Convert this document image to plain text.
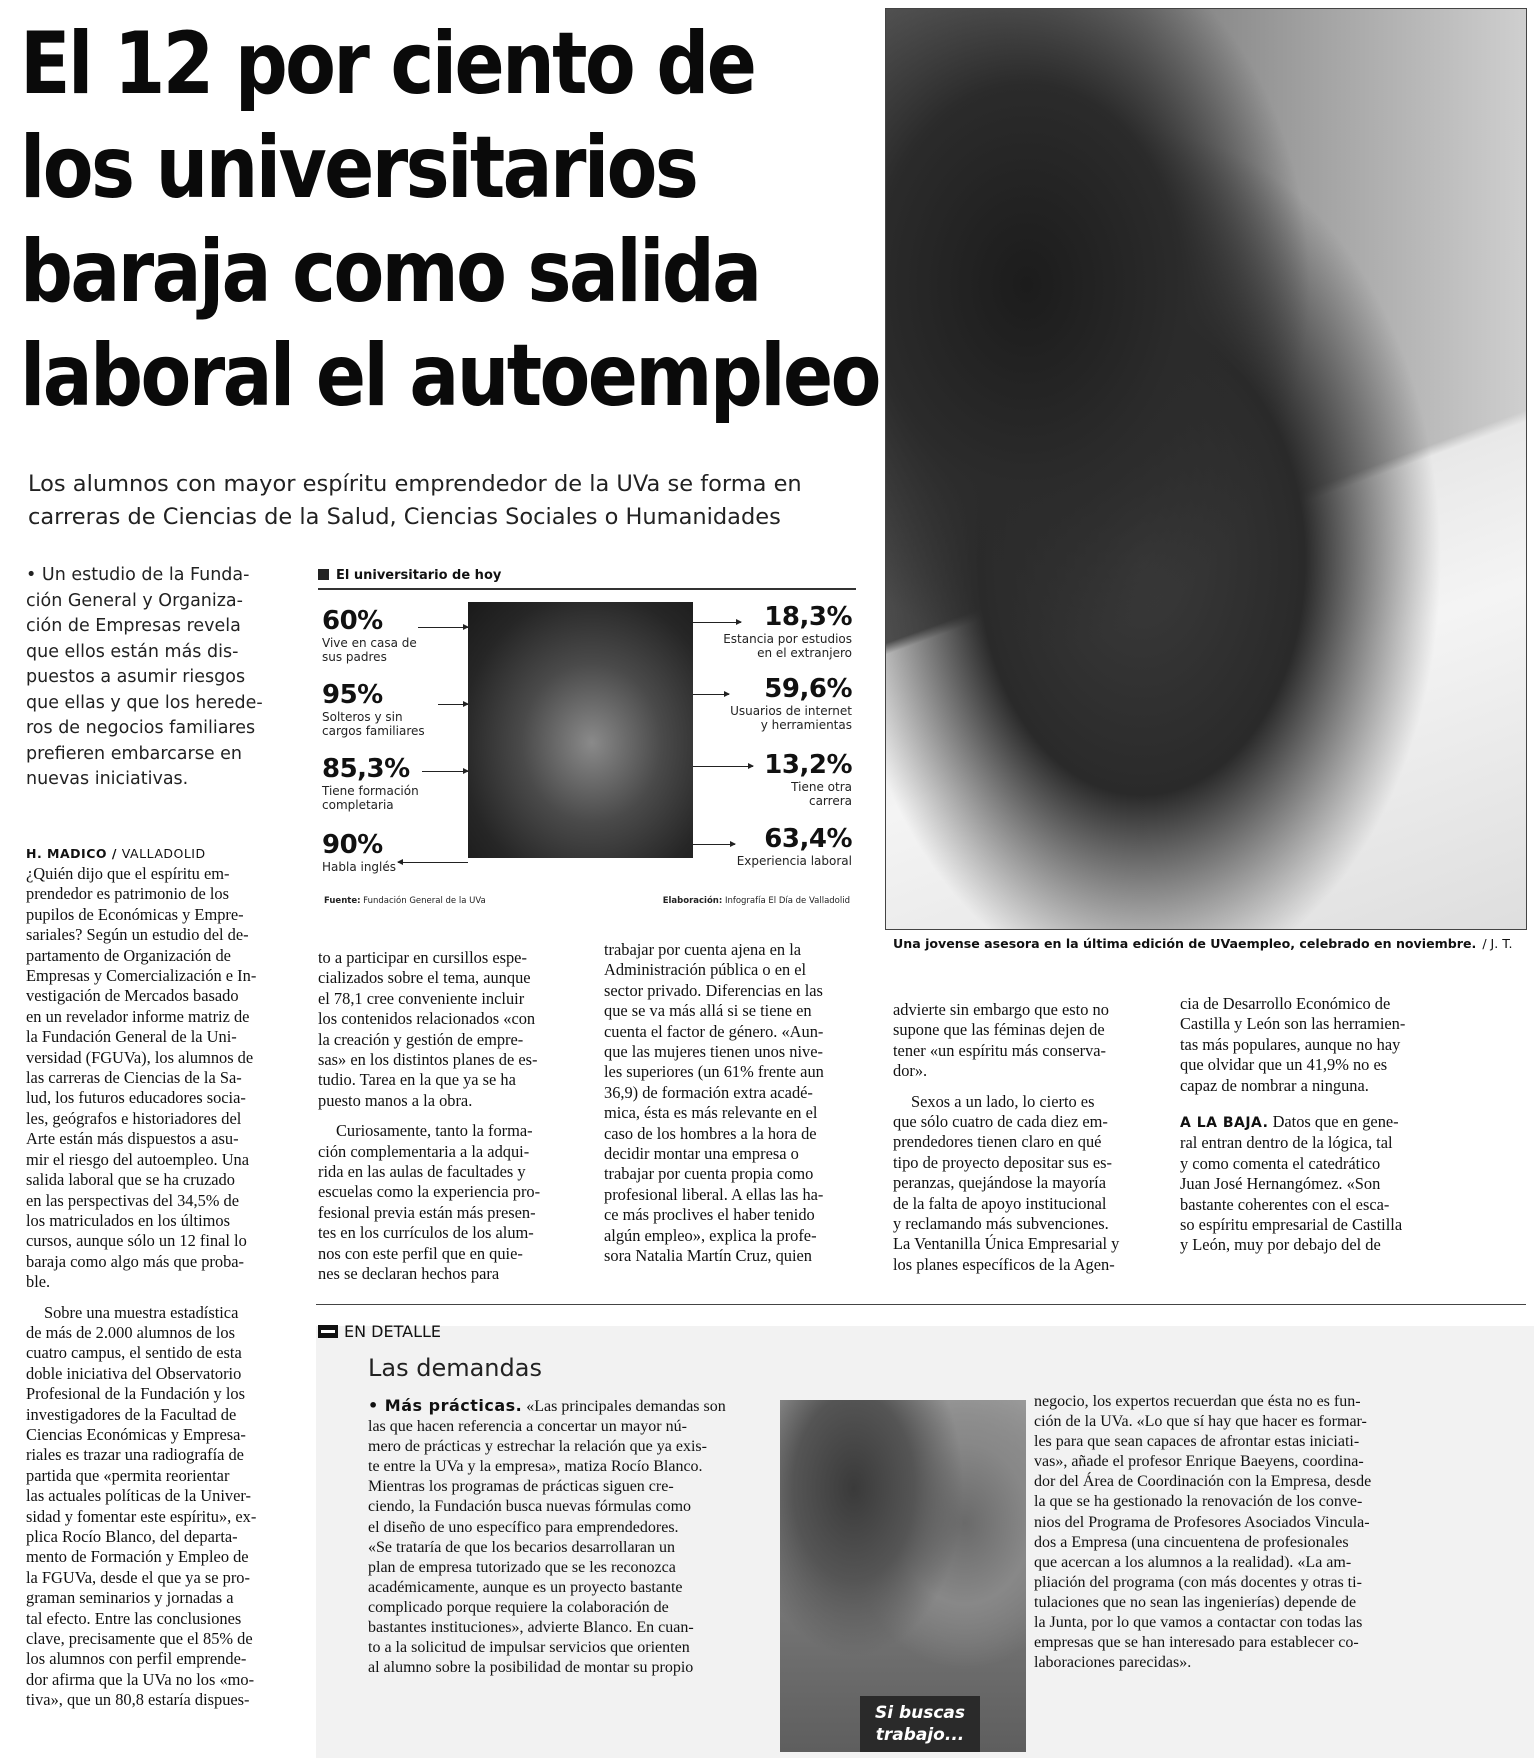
El 12 por ciento de
los universitarios
baraja como salida
laboral el autoempleo
Los alumnos con mayor espíritu emprendedor de la UVa se forma en
carreras de Ciencias de la Salud, Ciencias Sociales o Humanidades
• Un estudio de la Funda-
ción General y Organiza-
ción de Empresas revela
que ellos están más dis-
puestos a asumir riesgos
que ellas y que los herede-
ros de negocios familiares
prefieren embarcarse en
nuevas iniciativas.
H. MADICO / VALLADOLID
¿Quién dijo que el espíritu em-
prendedor es patrimonio de los
pupilos de Económicas y Empre-
sariales? Según un estudio del de-
partamento de Organización de
Empresas y Comercialización e In-
vestigación de Mercados basado
en un revelador informe matriz de
la Fundación General de la Uni-
versidad (FGUVa), los alumnos de
las carreras de Ciencias de la Sa-
lud, los futuros educadores socia-
les, geógrafos e historiadores del
Arte están más dispuestos a asu-
mir el riesgo del autoempleo. Una
salida laboral que se ha cruzado
en las perspectivas del 34,5% de
los matriculados en los últimos
cursos, aunque sólo un 12 final lo
baraja como algo más que proba-
ble.
Sobre una muestra estadística
de más de 2.000 alumnos de los
cuatro campus, el sentido de esta
doble iniciativa del Observatorio
Profesional de la Fundación y los
investigadores de la Facultad de
Ciencias Económicas y Empresa-
riales es trazar una radiografía de
partida que «permita reorientar
las actuales políticas de la Univer-
sidad y fomentar este espíritu», ex-
plica Rocío Blanco, del departa-
mento de Formación y Empleo de
la FGUVa, desde el que ya se pro-
graman seminarios y jornadas a
tal efecto. Entre las conclusiones
clave, precisamente que el 85% de
los alumnos con perfil emprende-
dor afirma que la UVa no los «mo-
tiva», que un 80,8 estaría dispues-
El universitario de hoy
60%
Vive en casa de
sus padres
95%
Solteros y sin
cargos familiares
85,3%
Tiene formación
completaria
90%
Habla inglés
18,3%
Estancia por estudios
en el extranjero
59,6%
Usuarios de internet
y herramientas
13,2%
Tiene otra
carrera
63,4%
Experiencia laboral
Fuente: Fundación General de la UVa	Elaboración: Infografía El Día de Valladolid
to a participar en cursillos espe-
cializados sobre el tema, aunque
el 78,1 cree conveniente incluir
los contenidos relacionados «con
la creación y gestión de empre-
sas» en los distintos planes de es-
tudio. Tarea en la que ya se ha
puesto manos a la obra.
Curiosamente, tanto la forma-
ción complementaria a la adqui-
rida en las aulas de facultades y
escuelas como la experiencia pro-
fesional previa están más presen-
tes en los currículos de los alum-
nos con este perfil que en quie-
nes se declaran hechos para
trabajar por cuenta ajena en la
Administración pública o en el
sector privado. Diferencias en las
que se va más allá si se tiene en
cuenta el factor de género. «Aun-
que las mujeres tienen unos nive-
les superiores (un 61% frente aun
36,9) de formación extra acadé-
mica, ésta es más relevante en el
caso de los hombres a la hora de
decidir montar una empresa o
trabajar por cuenta propia como
profesional liberal. A ellas las ha-
ce más proclives el haber tenido
algún empleo», explica la profe-
sora Natalia Martín Cruz, quien
Una jovense asesora en la última edición de UVaempleo, celebrado en noviembre. / J. T.
advierte sin embargo que esto no
supone que las féminas dejen de
tener «un espíritu más conserva-
dor».
Sexos a un lado, lo cierto es
que sólo cuatro de cada diez em-
prendedores tienen claro en qué
tipo de proyecto depositar sus es-
peranzas, quejándose la mayoría
de la falta de apoyo institucional
y reclamando más subvenciones.
La Ventanilla Única Empresarial y
los planes específicos de la Agen-
cia de Desarrollo Económico de
Castilla y León son las herramien-
tas más populares, aunque no hay
que olvidar que un 41,9% no es
capaz de nombrar a ninguna.
A LA BAJA. Datos que en gene-
ral entran dentro de la lógica, tal
y como comenta el catedrático
Juan José Hernangómez. «Son
bastante coherentes con el esca-
so espíritu empresarial de Castilla
y León, muy por debajo del de
EN DETALLE
Las demandas
• Más prácticas. «Las principales demandas son
las que hacen referencia a concertar un mayor nú-
mero de prácticas y estrechar la relación que ya exis-
te entre la UVa y la empresa», matiza Rocío Blanco.
Mientras los programas de prácticas siguen cre-
ciendo, la Fundación busca nuevas fórmulas como
el diseño de uno específico para emprendedores.
«Se trataría de que los becarios desarrollaran un
plan de empresa tutorizado que se les reconozca
académicamente, aunque es un proyecto bastante
complicado porque requiere la colaboración de
bastantes instituciones», advierte Blanco. En cuan-
to a la solicitud de impulsar servicios que orienten
al alumno sobre la posibilidad de montar su propio
Si buscas
trabajo...
negocio, los expertos recuerdan que ésta no es fun-
ción de la UVa. «Lo que sí hay que hacer es formar-
les para que sean capaces de afrontar estas iniciati-
vas», añade el profesor Enrique Baeyens, coordina-
dor del Área de Coordinación con la Empresa, desde
la que se ha gestionado la renovación de los conve-
nios del Programa de Profesores Asociados Vincula-
dos a Empresa (una cincuentena de profesionales
que acercan a los alumnos a la realidad). «La am-
pliación del programa (con más docentes y otras ti-
tulaciones que no sean las ingenierías) depende de
la Junta, por lo que vamos a contactar con todas las
empresas que se han interesado para establecer co-
laboraciones parecidas».
